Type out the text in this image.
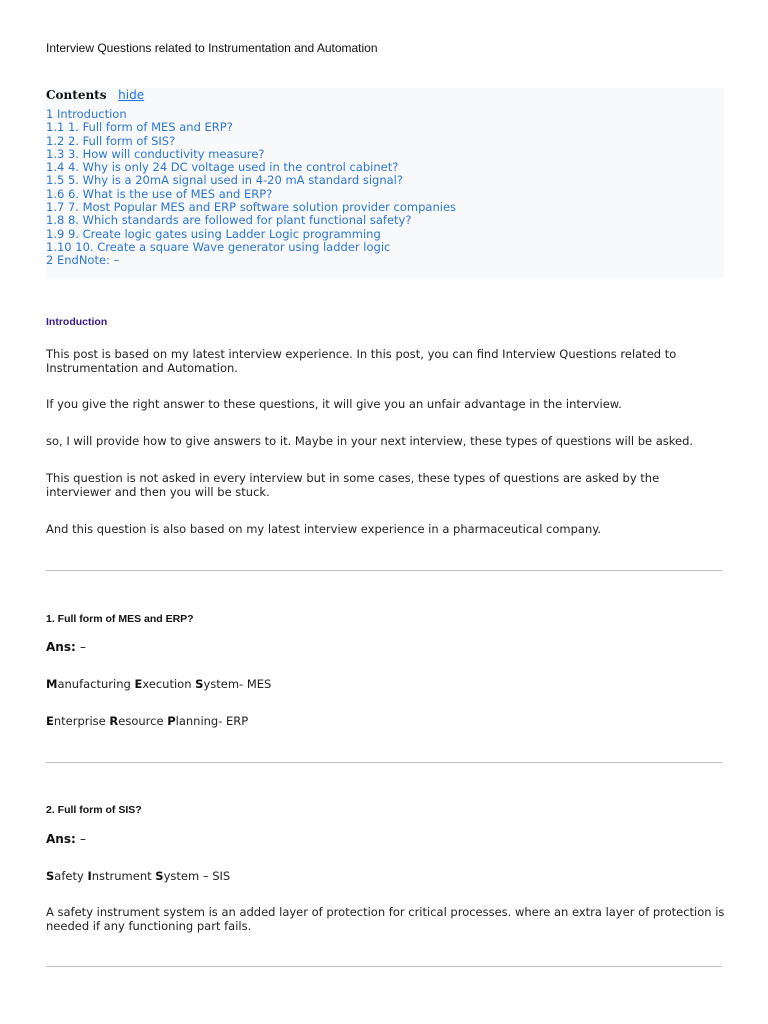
Interview Questions related to Instrumentation and Automation
Contents hide
1 Introduction
1.1 1. Full form of MES and ERP?
1.2 2. Full form of SIS?
1.3 3. How will conductivity measure?
1.4 4. Why is only 24 DC voltage used in the control cabinet?
1.5 5. Why is a 20mA signal used in 4-20 mA standard signal?
1.6 6. What is the use of MES and ERP?
1.7 7. Most Popular MES and ERP software solution provider companies
1.8 8. Which standards are followed for plant functional safety?
1.9 9. Create logic gates using Ladder Logic programming
1.10 10. Create a square Wave generator using ladder logic
2 EndNote: –
Introduction

This post is based on my latest interview experience. In this post, you can find Interview Questions related to Instrumentation and Automation.

If you give the right answer to these questions, it will give you an unfair advantage in the interview.

so, I will provide how to give answers to it. Maybe in your next interview, these types of questions will be asked.

This question is not asked in every interview but in some cases, these types of questions are asked by the interviewer and then you will be stuck.

And this question is also based on my latest interview experience in a pharmaceutical company.

1. Full form of MES and ERP?
Ans: –
Manufacturing Execution System- MES
Enterprise Resource Planning- ERP
2. Full form of SIS?
Ans: –
Safety Instrument System – SIS

A safety instrument system is an added layer of protection for critical processes. where an extra layer of protection is needed if any functioning part fails.
